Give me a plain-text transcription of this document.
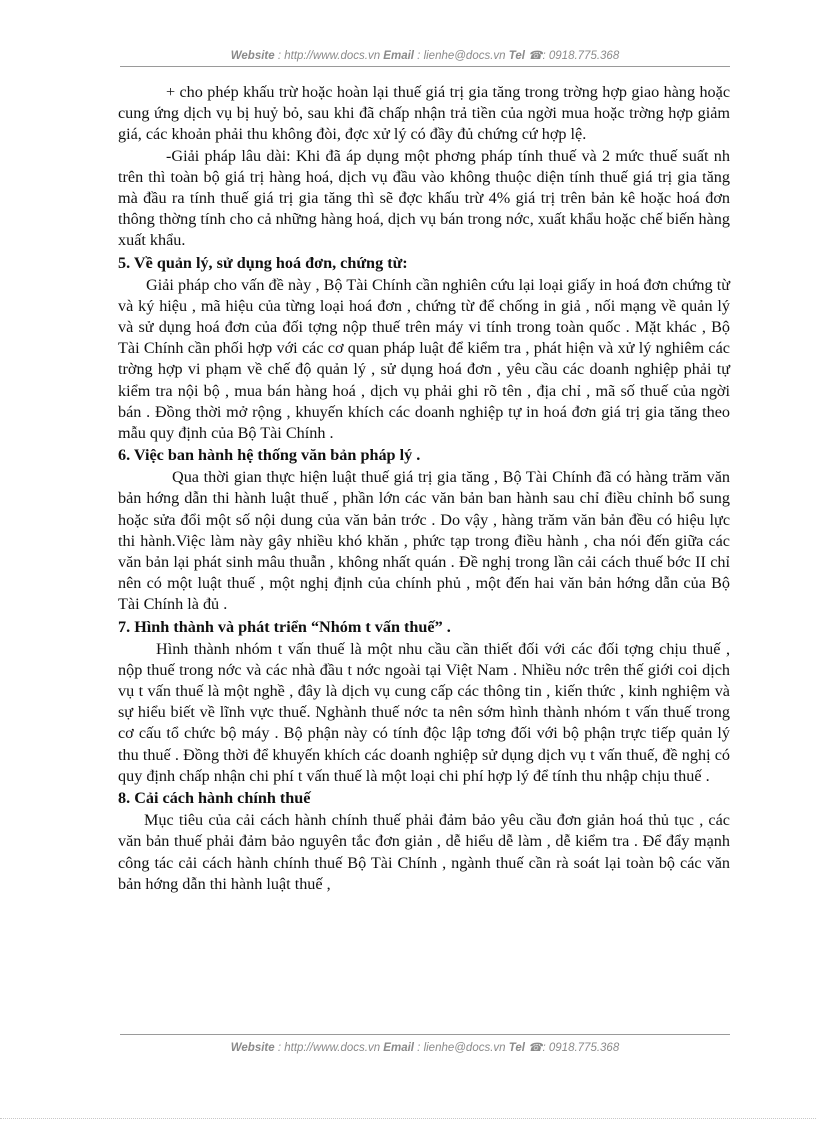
Website : http://www.docs.vn Email : lienhe@docs.vn Tel ☎: 0918.775.368

+ cho phép khấu trừ hoặc hoàn lại thuế giá trị gia tăng trong trờng hợp giao hàng hoặc cung ứng dịch vụ bị huỷ bỏ, sau khi đã chấp nhận trả tiền của ngời mua hoặc trờng hợp giảm giá, các khoản phải thu không đòi, đợc xử lý có đầy đủ chứng cứ hợp lệ.

-Giải pháp lâu dài: Khi đã áp dụng một phơng pháp tính thuế và 2 mức thuế suất nh trên thì toàn bộ giá trị hàng hoá, dịch vụ đầu vào không thuộc diện tính thuế giá trị gia tăng mà đầu ra tính thuế giá trị gia tăng thì sẽ đợc khấu trừ 4% giá trị trên bản kê hoặc hoá đơn thông thờng tính cho cả những hàng hoá, dịch vụ bán trong nớc, xuất khẩu hoặc chế biến hàng xuất khẩu.

5. Về quản lý, sử dụng hoá đơn, chứng từ:

Giải pháp cho vấn đề này , Bộ Tài Chính cần nghiên cứu lại loại giấy in hoá đơn chứng từ và ký hiệu , mã hiệu của từng loại hoá đơn , chứng từ để chống in giả , nối mạng về quản lý và sử dụng hoá đơn của đối tợng nộp thuế trên máy vi tính trong toàn quốc . Mặt khác , Bộ Tài Chính cần phối hợp với các cơ quan pháp luật để kiểm tra , phát hiện và xử lý nghiêm các trờng hợp vi phạm về chế độ quản lý , sử dụng hoá đơn , yêu cầu các doanh nghiệp phải tự kiểm tra nội bộ , mua bán hàng hoá , dịch vụ phải ghi rõ tên , địa chỉ , mã số thuế của ngời bán . Đồng thời mở rộng , khuyến khích các doanh nghiệp tự in hoá đơn giá trị gia tăng theo mẫu quy định của Bộ Tài Chính .

6. Việc ban hành hệ thống văn bản pháp lý .

Qua thời gian thực hiện luật thuế giá trị gia tăng , Bộ Tài Chính đã có hàng trăm văn bản hớng dẫn thi hành luật thuế , phần lớn các văn bản ban hành sau chỉ điều chỉnh bổ sung hoặc sửa đổi một số nội dung của văn bản trớc . Do vậy , hàng trăm văn bản đều có hiệu lực thi hành.Việc làm này gây nhiều khó khăn , phức tạp trong điều hành , cha nói đến giữa các văn bản lại phát sinh mâu thuẫn , không nhất quán . Đề nghị trong lần cải cách thuế bớc II chỉ nên có một luật thuế , một nghị định của chính phủ , một đến hai văn bản hớng dẫn của Bộ Tài Chính là đủ .

7. Hình thành và phát triển “Nhóm t vấn thuế” .

Hình thành nhóm t vấn thuế là một nhu cầu cần thiết đối với các đối tợng chịu thuế , nộp thuế trong nớc và các nhà đầu t nớc ngoài tại Việt Nam . Nhiều nớc trên thế giới coi dịch vụ t vấn thuế là một nghề , đây là dịch vụ cung cấp các thông tin , kiến thức , kinh nghiệm và sự hiểu biết về lĩnh vực thuế. Nghành thuế nớc ta nên sớm hình thành nhóm t vấn thuế trong cơ cấu tổ chức bộ máy . Bộ phận này có tính độc lập tơng đối với bộ phận trực tiếp quản lý thu thuế . Đồng thời để khuyến khích các doanh nghiệp sử dụng dịch vụ t vấn thuế, đề nghị có quy định chấp nhận chi phí t vấn thuế là một loại chi phí hợp lý để tính thu nhập chịu thuế .

8. Cải cách hành chính thuế

Mục tiêu của cải cách hành chính thuế phải đảm bảo yêu cầu đơn giản hoá thủ tục , các văn bản thuế phải đảm bảo nguyên tắc đơn giản , dễ hiểu dễ làm , dễ kiểm tra . Để đẩy mạnh công tác cải cách hành chính thuế Bộ Tài Chính , ngành thuế cần rà soát lại toàn bộ các văn bản hớng dẫn thi hành luật thuế ,

Website : http://www.docs.vn Email : lienhe@docs.vn Tel ☎: 0918.775.368
